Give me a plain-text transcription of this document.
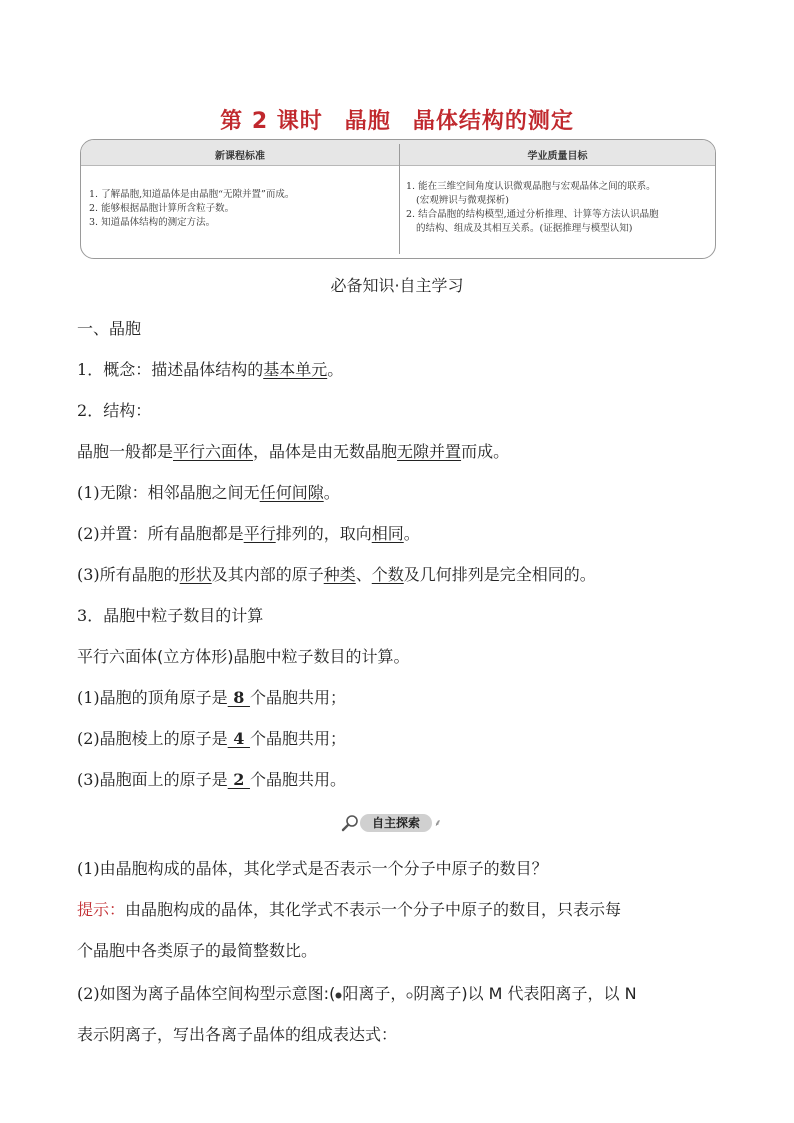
第 2 课时 晶胞 晶体结构的测定
新课程标准	学业质量目标
1. 了解晶胞,知道晶体是由晶胞“无隙并置”而成。
2. 能够根据晶胞计算所含粒子数。
3. 知道晶体结构的测定方法。
1. 能在三维空间角度认识微观晶胞与宏观晶体之间的联系。
(宏观辨识与微观探析)
2. 结合晶胞的结构模型,通过分析推理、计算等方法认识晶胞
的结构、组成及其相互关系。(证据推理与模型认知)
必备知识·自主学习
一、晶胞
1．概念：描述晶体结构的基本单元。
2．结构：
晶胞一般都是平行六面体，晶体是由无数晶胞无隙并置而成。
(1)无隙：相邻晶胞之间无任何间隙。
(2)并置：所有晶胞都是平行排列的，取向相同。
(3)所有晶胞的形状及其内部的原子种类、个数及几何排列是完全相同的。
3．晶胞中粒子数目的计算
平行六面体(立方体形)晶胞中粒子数目的计算。
(1)晶胞的顶角原子是 8 个晶胞共用；
(2)晶胞棱上的原子是 4 个晶胞共用；
(3)晶胞面上的原子是 2 个晶胞共用。
自主探索	⸙
(1)由晶胞构成的晶体，其化学式是否表示一个分子中原子的数目？
提示：由晶胞构成的晶体，其化学式不表示一个分子中原子的数目，只表示每
个晶胞中各类原子的最简整数比。
(2)如图为离子晶体空间构型示意图:( 阳离子， 阴离子)以 M 代表阳离子，以 N
表示阴离子，写出各离子晶体的组成表达式：
